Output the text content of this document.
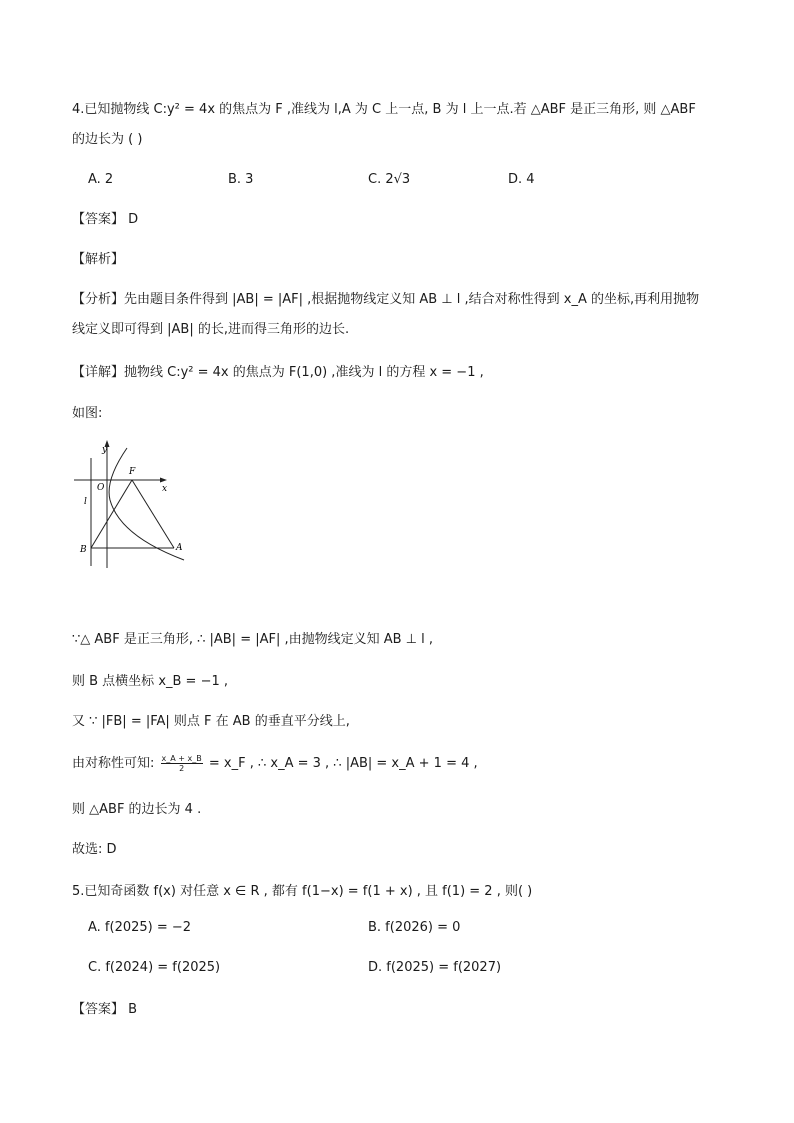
4.已知抛物线 C:y² = 4x 的焦点为 F ,准线为 l,A 为 C 上一点, B 为 l 上一点.若 △ABF 是正三角形, 则 △ABF
的边长为 ( )
A. 2	B. 3	C. 2√3	D. 4
【答案】 D
【解析】
【分析】先由题目条件得到 |AB| = |AF| ,根据抛物线定义知 AB ⊥ l ,结合对称性得到 x_A 的坐标,再利用抛物
线定义即可得到 |AB| 的长,进而得三角形的边长.
【详解】抛物线 C:y² = 4x 的焦点为 F(1,0) ,准线为 l 的方程 x = −1 ,
如图:
y
x
O
F
l
B	A
∵△ ABF 是正三角形, ∴ |AB| = |AF| ,由抛物线定义知 AB ⊥ l ,
则 B 点横坐标 x_B = −1 ,
又 ∵ |FB| = |FA| 则点 F 在 AB 的垂直平分线上,
由对称性可知: $\frac{x\_A + x\_B}{2}$ = x_F , ∴ x_A = 3 , ∴ |AB| = x_A + 1 = 4 ,
则 △ABF 的边长为 4 .
故选: D
5.已知奇函数 f(x) 对任意 x ∈ R , 都有 f(1−x) = f(1 + x) , 且 f(1) = 2 , 则( )
A. f(2025) = −2	B. f(2026) = 0
C. f(2024) = f(2025)	D. f(2025) = f(2027)
【答案】 B
